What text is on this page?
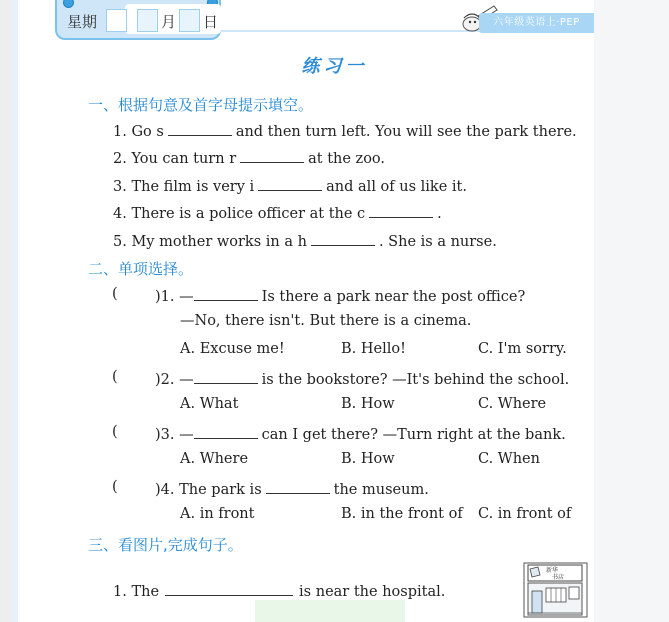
星期	月 日	六年级英语上·PEP
练习一
一、根据句意及首字母提示填空。
1. Go s	and then turn left. You will see the park there.
2. You can turn r	at the zoo.
3. The film is very i	and all of us like it.
4. There is a police officer at the c	.
5. My mother works in a h	. She is a nurse.
二、单项选择。
(	)1. —	Is there a park near the post office?
—No, there isn't. But there is a cinema.
A. Excuse me!	B. Hello!	C. I'm sorry.
(	)2. —	is the bookstore? —It's behind the school.
A. What	B. How	C. Where
(	)3. —	can I get there? —Turn right at the bank.
A. Where	B. How	C. When
(	)4. The park is	the museum.
A. in front	B. in the front of C. in front of
三、看图片,完成句子。
1. The	is near the hospital.
新华
书店
